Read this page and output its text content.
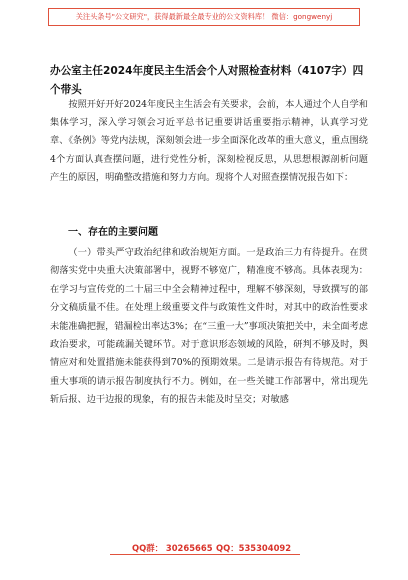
关注头条号"公文研究"，获得最新最全最专业的公文资料库！ 微信：gongwenyj
办公室主任2024年度民主生活会个人对照检查材料（4107字）四个带头
按照开好开好2024年度民主生活会有关要求，会前，本人通过个人自学和集体学习，深入学习领会习近平总书记重要讲话重要指示精神，认真学习党章、《条例》等党内法规，深刻领会进一步全面深化改革的重大意义，重点围绕4个方面认真查摆问题，进行党性分析，深刻检视反思，从思想根源剖析问题产生的原因，明确整改措施和努力方向。现将个人对照查摆情况报告如下：
一、存在的主要问题
（一）带头严守政治纪律和政治规矩方面。一是政治三力有待提升。在贯彻落实党中央重大决策部署中，视野不够宽广，精准度不够高。具体表现为：在学习与宣传党的二十届三中全会精神过程中，理解不够深刻，导致撰写的部分文稿质量不佳。在处理上级重要文件与政策性文件时，对其中的政治性要求未能准确把握，错漏检出率达3%；在“三重一大”事项决策把关中，未全面考虑政治要求，可能疏漏关键环节。对于意识形态领域的风险，研判不够及时，舆情应对和处置措施未能获得到70%的预期效果。二是请示报告有待规范。对于重大事项的请示报告制度执行不力。例如，在一些关键工作部署中，常出现先斩后报、边干边报的现象，有的报告未能及时呈交；对敏感
QQ群： 30265665 QQ：535304092
